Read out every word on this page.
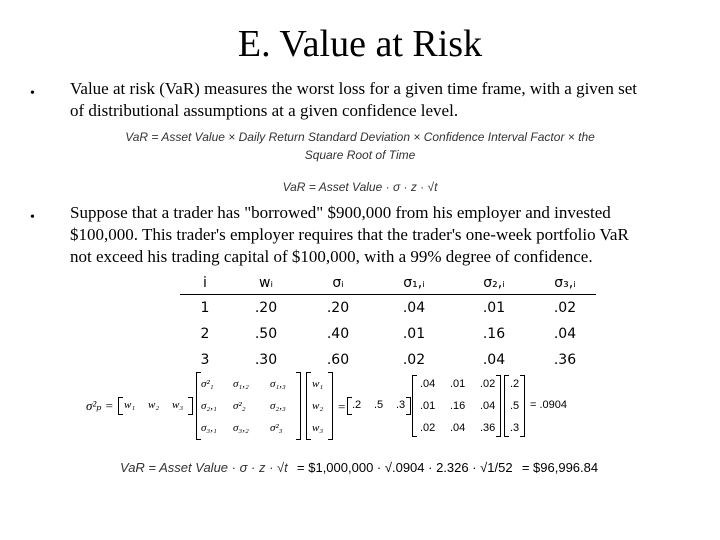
E. Value at Risk
• Value at risk (VaR) measures the worst loss for a given time frame, with a given set
of distributional assumptions at a given confidence level.
VaR = Asset Value × Daily Return Standard Deviation × Confidence Interval Factor × the
Square Root of Time
VaR = Asset Value · σ · z · √t
• Suppose that a trader has "borrowed" $900,000 from his employer and invested
$100,000. This trader's employer requires that the trader's one-week portfolio VaR
not exceed his trading capital of $100,000, with a 99% degree of confidence.
i	wᵢ	σᵢ	σ₁,ᵢ	σ₂,ᵢ	σ₃,ᵢ
1	.20	.20	.04	.01	.02
2	.50	.40	.01	.16	.04
3	.30	.60	.02	.04	.36
σ²ₚ = w₁ w₂ w₃
σ²₁ σ₁,₂ σ₁,₃
σ₂,₁ σ²₂ σ₂,₃
σ₃,₁ σ₃,₂ σ²₃
w₁
w₂
w₃
= .2 .5 .3
.04 .01 .02
.01 .16 .04
.02 .04 .36
.2
.5
.3
= .0904
VaR = Asset Value · σ · z · √t = $1,000,000 · √.0904 · 2.326 · √1/52 = $96,996.84
